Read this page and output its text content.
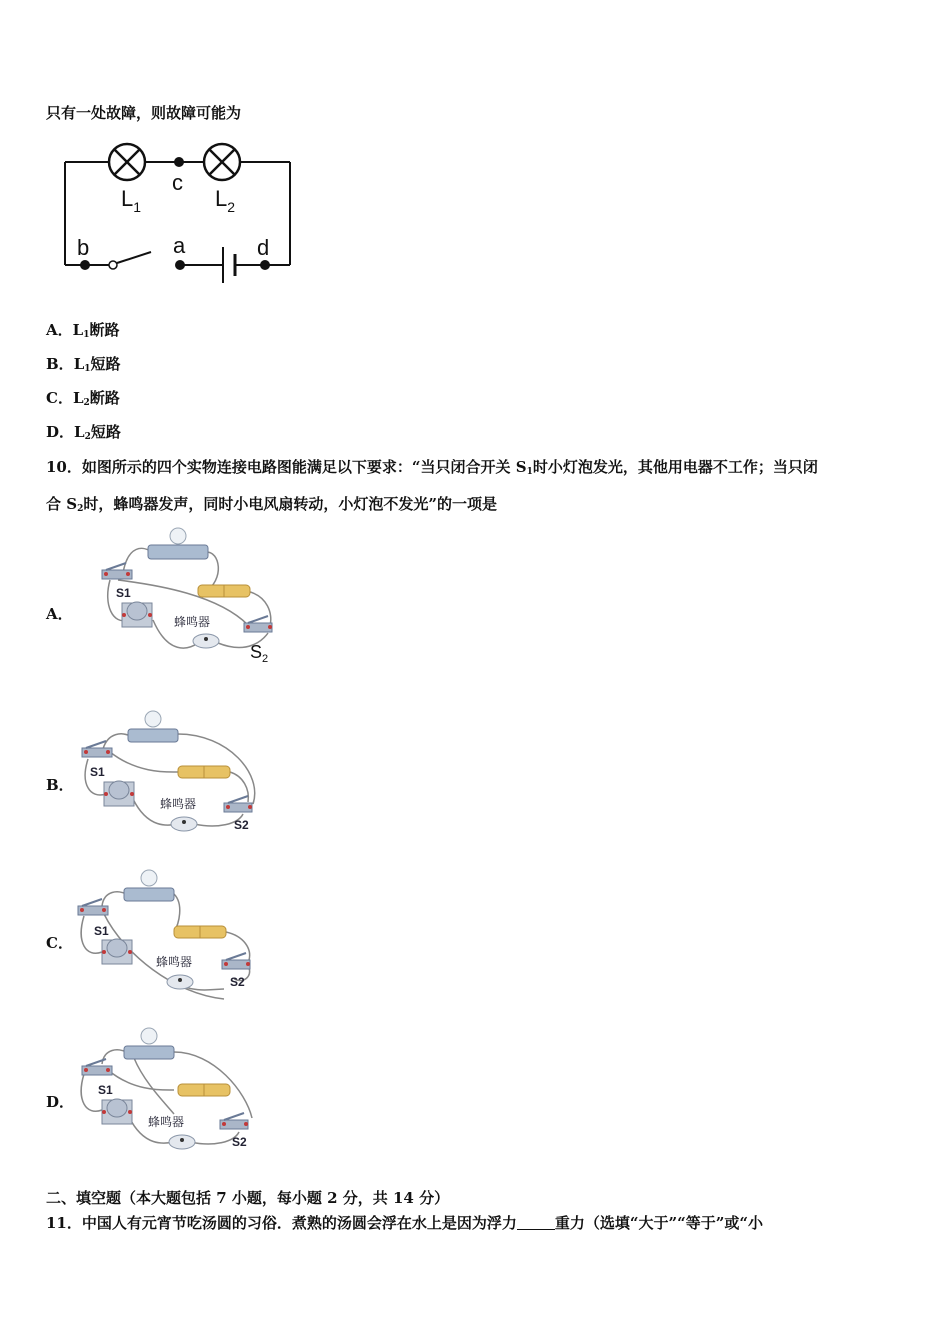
只有一处故障，则故障可能为
c
b	a	d
$L_1$	$L_2$
A．$L_1$断路
B．$L_1$短路
C．$L_2$断路
D．$L_2$短路
10．如图所示的四个实物连接电路图能满足以下要求：“当只闭合开关 $S_1$时小灯泡发光，其他用电器不工作；当只闭
合 $S_2$时，蜂鸣器发声，同时小电风扇转动，小灯泡不发光”的一项是
A．
S1
蜂鸣器
$S_2$
B．
S1
蜂鸣器
S2
C．
S1
蜂鸣器
S2
D．
S1
蜂鸣器
S2
二、填空题（本大题包括 7 小题，每小题 2 分，共 14 分）
11．中国人有元宵节吃汤圆的习俗．煮熟的汤圆会浮在水上是因为浮力	重力（选填“大于”“等于”或“小
